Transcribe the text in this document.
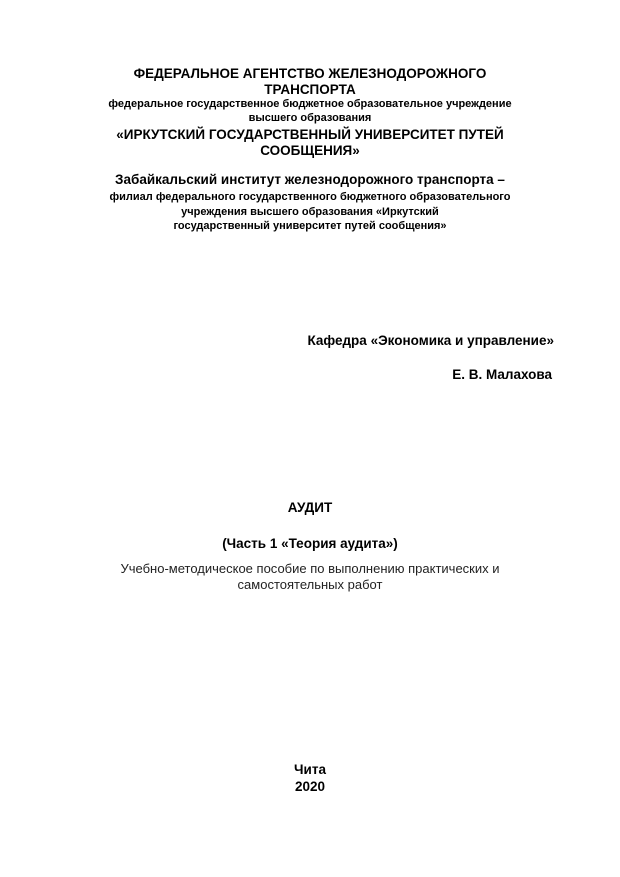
ФЕДЕРАЛЬНОЕ АГЕНТСТВО ЖЕЛЕЗНОДОРОЖНОГО
ТРАНСПОРТА
федеральное государственное бюджетное образовательное учреждение
высшего образования
«ИРКУТСКИЙ ГОСУДАРСТВЕННЫЙ УНИВЕРСИТЕТ ПУТЕЙ
СООБЩЕНИЯ»
Забайкальский институт железнодорожного транспорта –
филиал федерального государственного бюджетного образовательного
учреждения высшего образования «Иркутский
государственный университет путей сообщения»
Кафедра «Экономика и управление»
Е. В. Малахова
АУДИТ
(Часть 1 «Теория аудита»)
Учебно-методическое пособие по выполнению практических и
самостоятельных работ
Чита
2020
